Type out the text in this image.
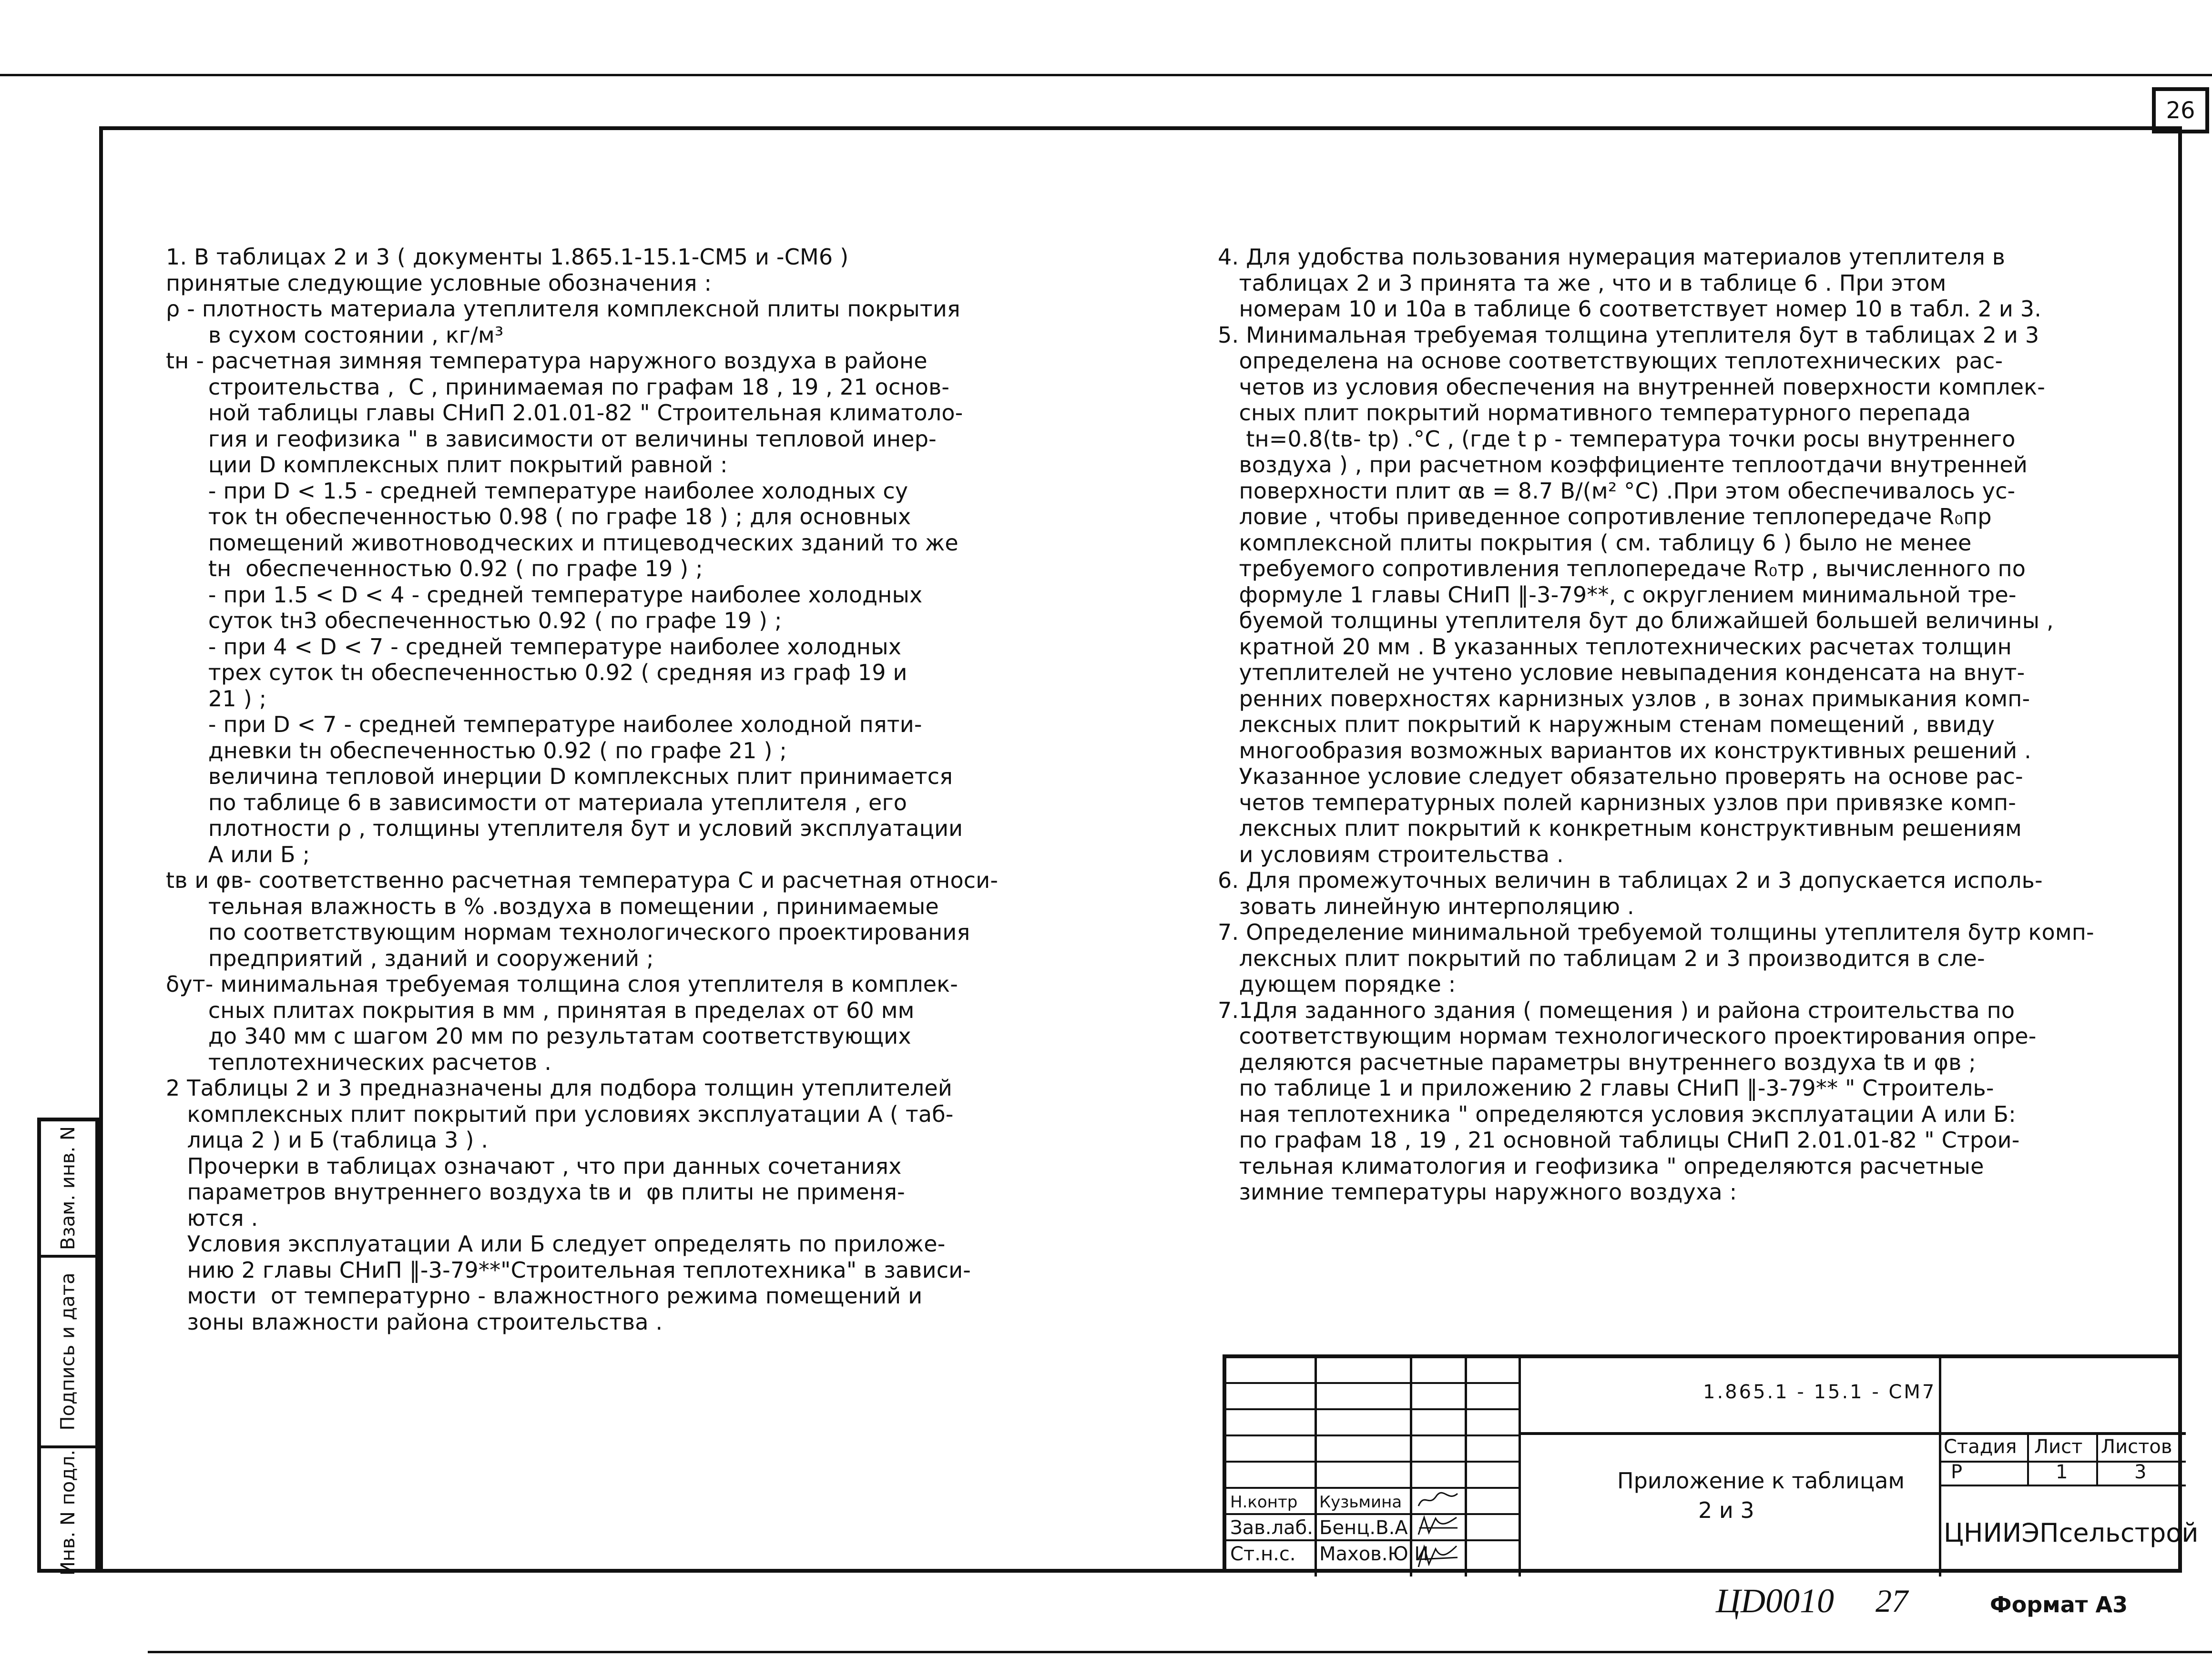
26
Взам. инв. N
Подпись и дата
Инв. N подл.
1. В таблицах 2 и 3 ( документы 1.865.1-15.1-СМ5 и -СМ6 )
принятыe следующие условные обозначения :
ρ - плотность материала утеплителя комплексной плиты покрытия
в сухом состоянии , кг/м³
tн - расчетная зимняя температура наружного воздуха в районе
строительства ,  С , принимаемая по графам 18 , 19 , 21 основ-
ной таблицы главы СНиП 2.01.01-82 " Строительная климатоло-
гия и геофизика " в зависимости от величины тепловой инер-
ции D комплексных плит покрытий равной :
- при D < 1.5 - средней температуре наиболее холодных су
ток tн обеспеченностью 0.98 ( по графе 18 ) ; для основных
помещений животноводческих и птицеводческих зданий то же
tн  обеспеченностью 0.92 ( по графе 19 ) ;
- при 1.5 < D < 4 - средней температуре наиболее холодных
суток tн3 обеспеченностью 0.92 ( по графе 19 ) ;
- при 4 < D < 7 - средней температуре наиболее холодных
трех суток tн обеспеченностью 0.92 ( средняя из граф 19 и
21 ) ;
- при D < 7 - средней температуре наиболее холодной пяти-
дневки tн обеспеченностью 0.92 ( по графе 21 ) ;
величина тепловой инерции D комплексных плит принимается
по таблице 6 в зависимости от материала утеплителя , его
плотности ρ , толщины утеплителя δут и условий эксплуатации
А или Б ;
tв и φв- соответственно расчетная температура С и расчетная относи-
тельная влажность в % .воздуха в помещении , принимаемые
по соответствующим нормам технологического проектирования
предприятий , зданий и сооружений ;
δут- минимальная требуемая толщина слоя утеплителя в комплек-
сных плитах покрытия в мм , принятая в пределах от 60 мм
до 340 мм с шагом 20 мм по результатам соответствующих
теплотехнических расчетов .
2 Таблицы 2 и 3 предназначены для подбора толщин утеплителей
комплексных плит покрытий при условиях эксплуатации А ( таб-
лица 2 ) и Б (таблица 3 ) .
Прочерки в таблицах означают , что при данных сочетаниях
параметров внутреннего воздуха tв и  φв плиты не применя-
ются .
Условия эксплуатации А или Б следует определять по приложе-
нию 2 главы СНиП ‖-3-79**"Строительная теплотехника" в зависи-
мости  от температурно - влажностного режима помещений и
зоны влажности района строительства .
4. Для удобства пользования нумерация материалов утеплителя в
таблицах 2 и 3 принята та же , что и в таблице 6 . При этом
номерам 10 и 10а в таблице 6 соответствует номер 10 в табл. 2 и 3.
5. Минимальная требуемая толщина утеплителя δут в таблицах 2 и 3
определена на основе соответствующих теплотехнических  рас-
четов из условия обеспечения на внутренней поверхности комплек-
сных плит покрытий нормативного температурного перепада
tн=0.8(tв- tр) .°С , (где t р - температура точки росы внутреннего
воздуха ) , при расчетном коэффициенте теплоотдачи внутренней
поверхности плит αв = 8.7 В/(м² °С) .При этом обеспечивалось ус-
ловие , чтобы приведенное сопротивление теплопередаче R₀пр
комплексной плиты покрытия ( см. таблицу 6 ) было не менее
требуемого сопротивления теплопередаче R₀тр , вычисленного по
формуле 1 главы СНиП ‖-3-79**, с округлением минимальной тре-
буемой толщины утеплителя δут до ближайшей большей величины ,
кратной 20 мм . В указанных теплотехнических расчетах толщин
утеплителей не учтено условие невыпадения конденсата на внут-
ренних поверхностях карнизных узлов , в зонах примыкания комп-
лексных плит покрытий к наружным стенам помещений , ввиду
многообразия возможных вариантов их конструктивных решений .
Указанное условие следует обязательно проверять на основе рас-
четов температурных полей карнизных узлов при привязке комп-
лексных плит покрытий к конкретным конструктивным решениям
и условиям строительства .
6. Для промежуточных величин в таблицах 2 и 3 допускается исполь-
зовать линейную интерполяцию .
7. Определение минимальной требуемой толщины утеплителя δутр комп-
лексных плит покрытий по таблицам 2 и 3 производится в сле-
дующем порядке :
7.1Для заданного здания ( помещения ) и района строительства по
соответствующим нормам технологического проектирования опре-
деляются расчетные параметры внутреннего воздуха tв и φв ;
по таблице 1 и приложению 2 главы СНиП ‖-3-79** " Строитель-
ная теплотехника " определяются условия эксплуатации А или Б:
по графам 18 , 19 , 21 основной таблицы СНиП 2.01.01-82 " Строи-
тельная климатология и геофизика " определяются расчетные
зимние температуры наружного воздуха :
1.865.1 - 15.1 - СМ7
Приложение к таблицам
2 и 3
Стадия Лист Листов
Р	1	3
ЦНИИЭПсельстрой
Н.контр Кузьмина
Зав.лаб. Бенц.В.А
Ст.н.с. Махов.Ю.И
ЦD0010 27	Формат А3
